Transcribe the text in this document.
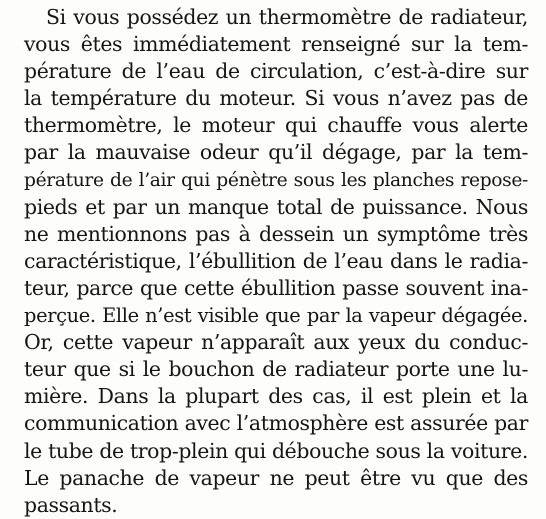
Si vous possédez un thermomètre de radiateur,
vous êtes immédiatement renseigné sur la tem-
pérature de l’eau de circulation, c’est-à-dire sur
la température du moteur. Si vous n’avez pas de
thermomètre, le moteur qui chauffe vous alerte
par la mauvaise odeur qu’il dégage, par la tem-
pérature de l’air qui pénètre sous les planches repose-
pieds et par un manque total de puissance. Nous
ne mentionnons pas à dessein un symptôme très
caractéristique, l’ébullition de l’eau dans le radia-
teur, parce que cette ébullition passe souvent ina-
perçue. Elle n’est visible que par la vapeur dégagée.
Or, cette vapeur n’apparaît aux yeux du conduc-
teur que si le bouchon de radiateur porte une lu-
mière. Dans la plupart des cas, il est plein et la
communication avec l’atmosphère est assurée par
le tube de trop-plein qui débouche sous la voiture.
Le panache de vapeur ne peut être vu que des
passants.
